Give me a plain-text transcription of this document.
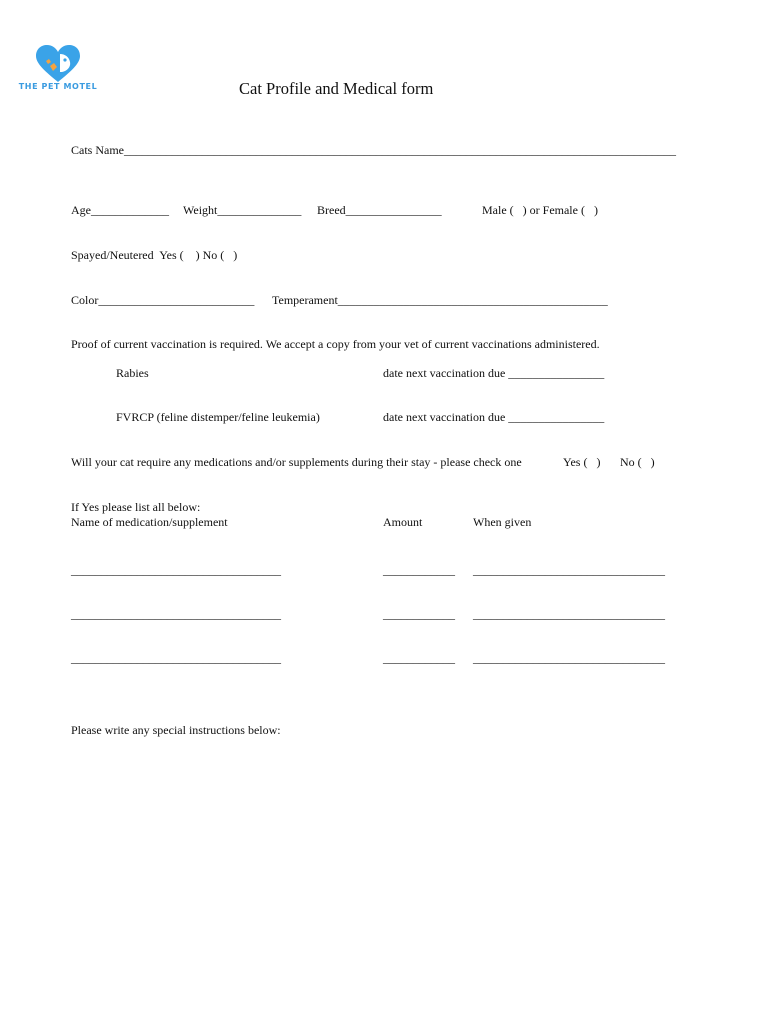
THE PET MOTEL	Cat Profile and Medical form
Cats Name____________________________________________________________________________________________
Age_____________ Weight______________ Breed________________	Male (   ) or Female (   )
Spayed/Neutered  Yes (    ) No (   )
Color__________________________ Temperament_____________________________________________
Proof of current vaccination is required. We accept a copy from your vet of current vaccinations administered.
Rabies	date next vaccination due ________________
FVRCP (feline distemper/feline leukemia)	date next vaccination due ________________
Will your cat require any medications and/or supplements during their stay - please check one	Yes (   ) No (   )
If Yes please list all below:
Name of medication/supplement	Amount	When given
___________________________________	____________ ________________________________
___________________________________	____________ ________________________________
___________________________________	____________ ________________________________
Please write any special instructions below:
